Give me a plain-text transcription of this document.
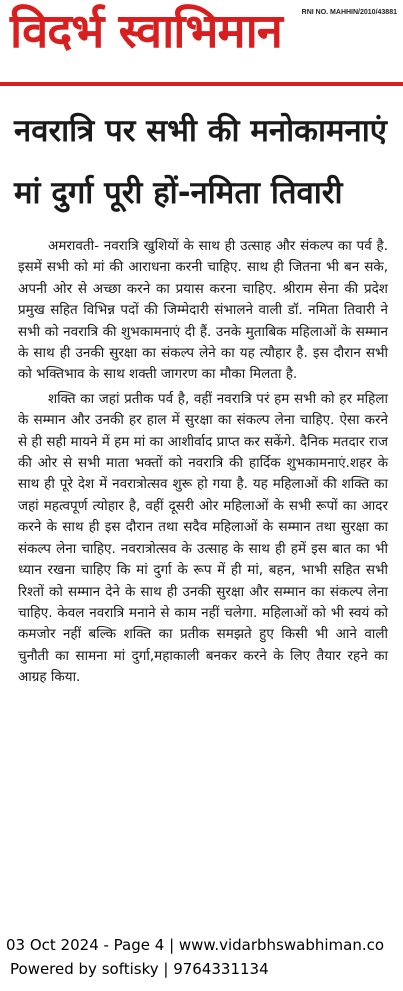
विदर्भ स्वाभिमान	RNI NO. MAHHIN/2010/43881
नवरात्रि पर सभी की मनोकामनाएं
मां दुर्गा पूरी हों-नमिता तिवारी

अमरावती- नवरात्रि खुशियों के साथ ही उत्साह और संकल्प का पर्व है. इसमें सभी को मां की आराधना करनी चाहिए. साथ ही जितना भी बन सके, अपनी ओर से अच्छा करने का प्रयास करना चाहिए. श्रीराम सेना की प्रदेश प्रमुख सहित विभिन्न पदों की जिम्मेदारी संभालने वाली डॉ. नमिता तिवारी ने सभी को नवरात्रि की शुभकामनाएं दी हैं. उनके मुताबिक महिलाओं के सम्मान के साथ ही उनकी सुरक्षा का संकल्प लेने का यह त्यौहार है. इस दौरान सभी को भक्तिभाव के साथ शक्ती जागरण का मौका मिलता है.

शक्ति का जहां प्रतीक पर्व है, वहीं नवरात्रि परं हम सभी को हर महिला के सम्मान और उनकी हर हाल में सुरक्षा का संकल्प लेना चाहिए. ऐसा करने से ही सही मायने में हम मां का आशीर्वाद प्राप्त कर सकेंगे. दैनिक मतदार राज की ओर से सभी माता भक्तों को नवरात्रि की हार्दिक शुभकामनाएं.शहर के साथ ही पूरे देश में नवरात्रोत्सव शुरू हो गया है. यह महिलाओं की शक्ति का जहां महत्वपूर्ण त्योहार है, वहीं दूसरी ओर महिलाओं के सभी रूपों का आदर करने के साथ ही इस दौरान तथा सदैव महिलाओं के सम्मान तथा सुरक्षा का संकल्प लेना चाहिए. नवरात्रोत्सव के उत्साह के साथ ही हमें इस बात का भी ध्यान रखना चाहिए कि मां दुर्गा के रूप में ही मां, बहन, भाभी सहित सभी रिश्तों को सम्मान देने के साथ ही उनकी सुरक्षा और सम्मान का संकल्प लेना चाहिए. केवल नवरात्रि मनाने से काम नहीं चलेगा. महिलाओं को भी स्वयं को कमजोर नहीं बल्कि शक्ति का प्रतीक समझते हुए किसी भी आने वाली चुनौती का सामना मां दुर्गा,महाकाली बनकर करने के लिए तैयार रहने का आग्रह किया.

03 Oct 2024 - Page 4 | www.vidarbhswabhiman.co
Powered by softisky | 9764331134
